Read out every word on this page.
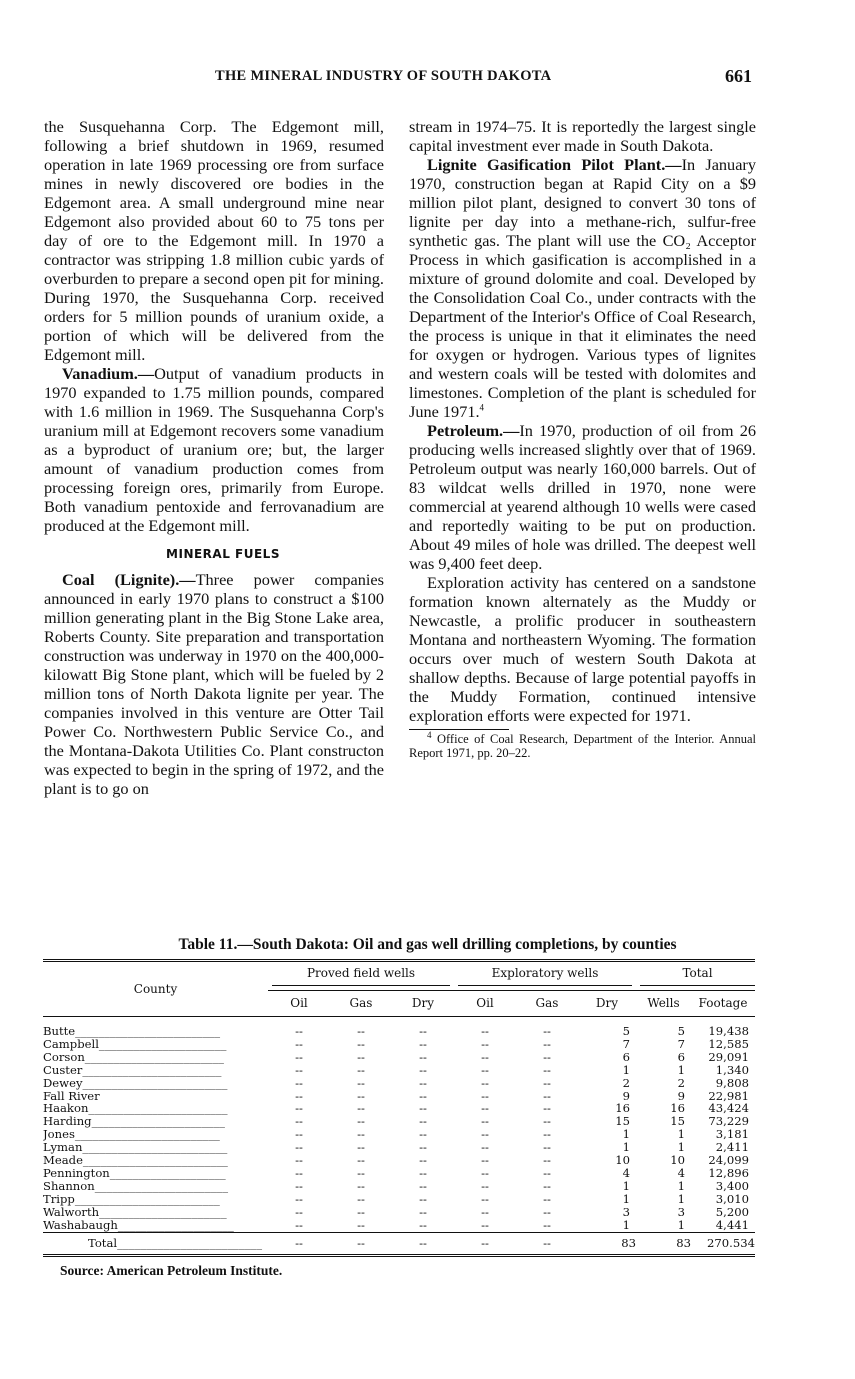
THE MINERAL INDUSTRY OF SOUTH DAKOTA	661

the Susquehanna Corp. The Edgemont mill, following a brief shutdown in 1969, resumed operation in late 1969 processing ore from surface mines in newly discovered ore bodies in the Edgemont area. A small underground mine near Edgemont also provided about 60 to 75 tons per day of ore to the Edgemont mill. In 1970 a contractor was stripping 1.8 million cubic yards of overburden to prepare a second open pit for mining. During 1970, the Susquehanna Corp. received orders for 5 million pounds of uranium oxide, a portion of which will be delivered from the Edgemont mill.

Vanadium.—Output of vanadium products in 1970 expanded to 1.75 million pounds, compared with 1.6 million in 1969. The Susquehanna Corp's uranium mill at Edgemont recovers some vanadium as a byproduct of uranium ore; but, the larger amount of vanadium production comes from processing foreign ores, primarily from Europe. Both vanadium pentoxide and ferrovanadium are produced at the Edgemont mill.

MINERAL FUELS

Coal (Lignite).—Three power companies announced in early 1970 plans to construct a $100 million generating plant in the Big Stone Lake area, Roberts County. Site preparation and transportation construction was underway in 1970 on the 400,000-kilowatt Big Stone plant, which will be fueled by 2 million tons of North Dakota lignite per year. The companies involved in this venture are Otter Tail Power Co. Northwestern Public Service Co., and the Montana-Dakota Utilities Co. Plant constructon was expected to begin in the spring of 1972, and the plant is to go on

stream in 1974–75. It is reportedly the largest single capital investment ever made in South Dakota.

Lignite Gasification Pilot Plant.—In January 1970, construction began at Rapid City on a $9 million pilot plant, designed to convert 30 tons of lignite per day into a methane-rich, sulfur-free synthetic gas. The plant will use the CO₂ Acceptor Process in which gasification is accomplished in a mixture of ground dolomite and coal. Developed by the Consolidation Coal Co., under contracts with the Department of the Interior's Office of Coal Research, the process is unique in that it eliminates the need for oxygen or hydrogen. Various types of lignites and western coals will be tested with dolomites and limestones. Completion of the plant is scheduled for June 1971.$^4$

Petroleum.—In 1970, production of oil from 26 producing wells increased slightly over that of 1969. Petroleum output was nearly 160,000 barrels. Out of 83 wildcat wells drilled in 1970, none were commercial at yearend although 10 wells were cased and reportedly waiting to be put on production. About 49 miles of hole was drilled. The deepest well was 9,400 feet deep.

Exploration activity has centered on a sandstone formation known alternately as the Muddy or Newcastle, a prolific producer in southeastern Montana and northeastern Wyoming. The formation occurs over much of western South Dakota at shallow depths. Because of large potential payoffs in the Muddy Formation, continued intensive exploration efforts were expected for 1971.

$^4$ Office of Coal Research, Department of the Interior. Annual Report 1971, pp. 20–22.

Table 11.—South Dakota: Oil and gas well drilling completions, by counties
County	Proved field wells			Exploratory wells			Total	

	Oil	Gas	Dry	Oil	Gas	Dry	Wells	Footage
Butte_________________________	--	--	--	--	--	5	5	19,438
Campbell______________________	--	--	--	--	--	7	7	12,585
Corson________________________	--	--	--	--	--	6	6	29,091
Custer________________________	--	--	--	--	--	1	1	1,340
Dewey_________________________	--	--	--	--	--	2	2	9,808
Fall River____________________	--	--	--	--	--	9	9	22,981
Haakon________________________	--	--	--	--	--	16	16	43,424
Harding_______________________	--	--	--	--	--	15	15	73,229
Jones_________________________	--	--	--	--	--	1	1	3,181
Lyman_________________________	--	--	--	--	--	1	1	2,411
Meade_________________________	--	--	--	--	--	10	10	24,099
Pennington____________________	--	--	--	--	--	4	4	12,896
Shannon_______________________	--	--	--	--	--	1	1	3,400
Tripp_________________________	--	--	--	--	--	1	1	3,010
Walworth______________________	--	--	--	--	--	3	3	5,200
Washabaugh____________________	--	--	--	--	--	1	1	4,441
Total_________________________	--	--	--	--	--	83	83	270.534
Source: American Petroleum Institute.
